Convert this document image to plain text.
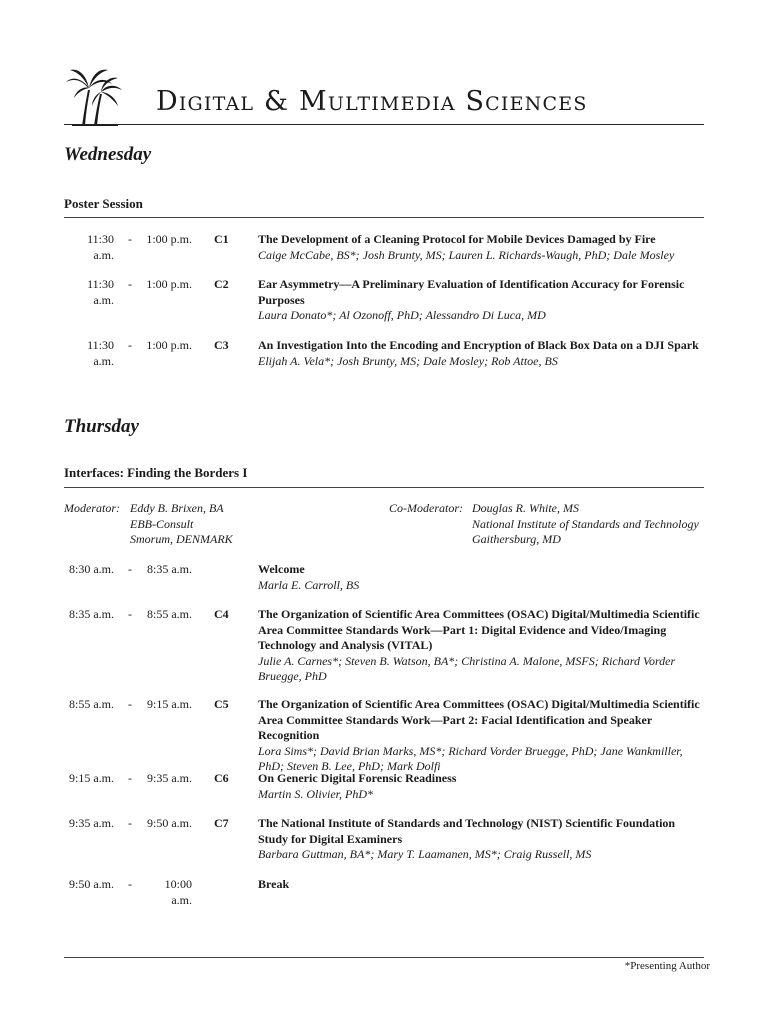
Digital & Multimedia Sciences
Wednesday
Poster Session
11:30 a.m.
-	1:00 p.m. C1 The Development of a Cleaning Protocol for Mobile Devices Damaged by Fire
Caige McCabe, BS*; Josh Brunty, MS; Lauren L. Richards-Waugh, PhD; Dale Mosley
11:30 a.m.
-	1:00 p.m. C2 Ear Asymmetry—A Preliminary Evaluation of Identification Accuracy for Forensic Purposes
Laura Donato*; Al Ozonoff, PhD; Alessandro Di Luca, MD
11:30 a.m.
-	1:00 p.m. C3 An Investigation Into the Encoding and Encryption of Black Box Data on a DJI Spark
Elijah A. Vela*; Josh Brunty, MS; Dale Mosley; Rob Attoe, BS
Thursday
Interfaces: Finding the Borders I
Moderator: Eddy B. Brixen, BA
EBB-Consult
Smorum, DENMARK
Co-Moderator: Douglas R. White, MS
National Institute of Standards and Technology
Gaithersburg, MD
8:30 a.m. -	8:35 a.m.	Welcome
Marla E. Carroll, BS
8:35 a.m. -	8:55 a.m. C4 The Organization of Scientific Area Committees (OSAC) Digital/Multimedia Scientific Area Committee Standards Work—Part 1: Digital Evidence and Video/Imaging Technology and Analysis (VITAL)
Julie A. Carnes*; Steven B. Watson, BA*; Christina A. Malone, MSFS; Richard Vorder Bruegge, PhD
8:55 a.m. -	9:15 a.m. C5 The Organization of Scientific Area Committees (OSAC) Digital/Multimedia Scientific Area Committee Standards Work—Part 2: Facial Identification and Speaker Recognition
Lora Sims*; David Brian Marks, MS*; Richard Vorder Bruegge, PhD; Jane Wankmiller, PhD; Steven B. Lee, PhD; Mark Dolfi
9:15 a.m. -	9:35 a.m. C6 On Generic Digital Forensic Readiness
Martin S. Olivier, PhD*
9:35 a.m. -	9:50 a.m. C7 The National Institute of Standards and Technology (NIST) Scientific Foundation Study for Digital Examiners
Barbara Guttman, BA*; Mary T. Laamanen, MS*; Craig Russell, MS
9:50 a.m. -	10:00 a.m.
Break
*Presenting Author
